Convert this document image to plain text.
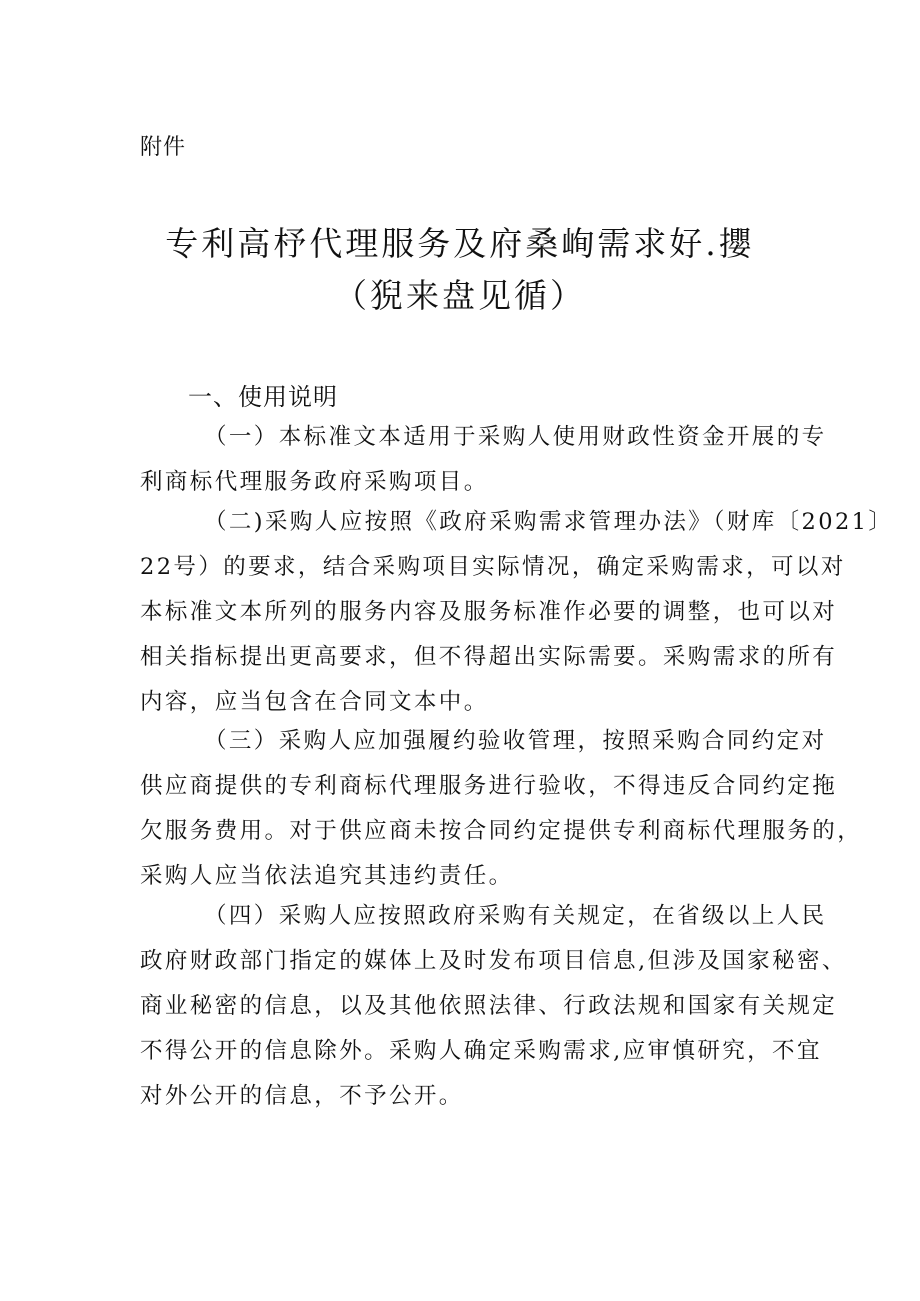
附件
专利高杼代理服务及府桑峋需求好.攖
（猊来盘见循）
一、使用说明
（一）本标准文本适用于采购人使用财政性资金开展的专
利商标代理服务政府采购项目。
（二)采购人应按照《政府采购需求管理办法》（财库〔2021〕
22号）的要求，结合采购项目实际情况，确定采购需求，可以对
本标准文本所列的服务内容及服务标准作必要的调整，也可以对
相关指标提出更高要求，但不得超出实际需要。采购需求的所有
内容，应当包含在合同文本中。
（三）采购人应加强履约验收管理，按照采购合同约定对
供应商提供的专利商标代理服务进行验收，不得违反合同约定拖
欠服务费用。对于供应商未按合同约定提供专利商标代理服务的，
采购人应当依法追究其违约责任。
（四）采购人应按照政府采购有关规定，在省级以上人民
政府财政部门指定的媒体上及时发布项目信息,但涉及国家秘密、
商业秘密的信息，以及其他依照法律、行政法规和国家有关规定
不得公开的信息除外。采购人确定采购需求,应审慎研究，不宜
对外公开的信息，不予公开。
